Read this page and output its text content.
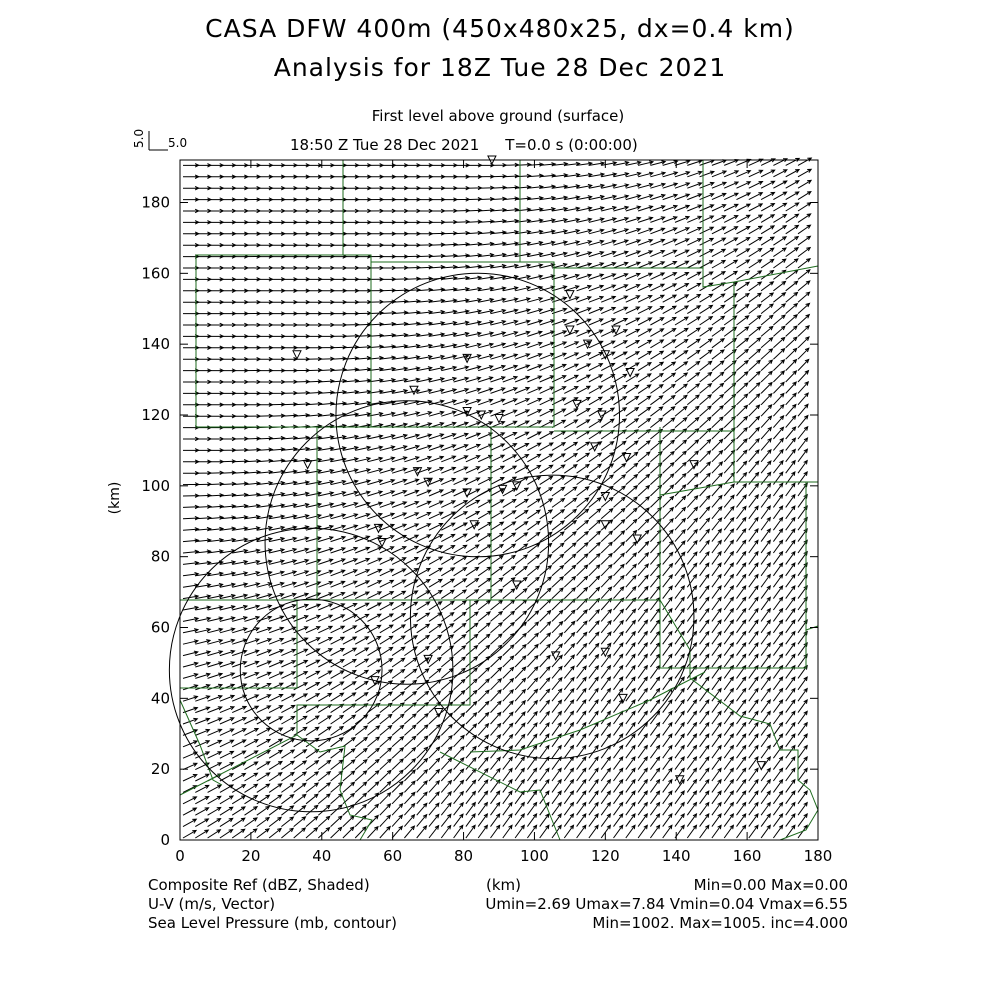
CASA DFW 400m (450x480x25, dx=0.4 km)
Analysis for 18Z Tue 28 Dec 2021
First level above ground (surface)
18:50 Z Tue 28 Dec 2021 T=0.0 s (0:00:00)
5.0
5.0
0	20	40	60	80	100	120	140	160	180
0
20
40
60
80
100
120
140
160
180
(km)
Composite Ref (dBZ, Shaded)	(km)	Min=0.00 Max=0.00
U-V (m/s, Vector)	Umin=2.69 Umax=7.84 Vmin=0.04 Vmax=6.55
Sea Level Pressure (mb, contour)	Min=1002. Max=1005. inc=4.000
